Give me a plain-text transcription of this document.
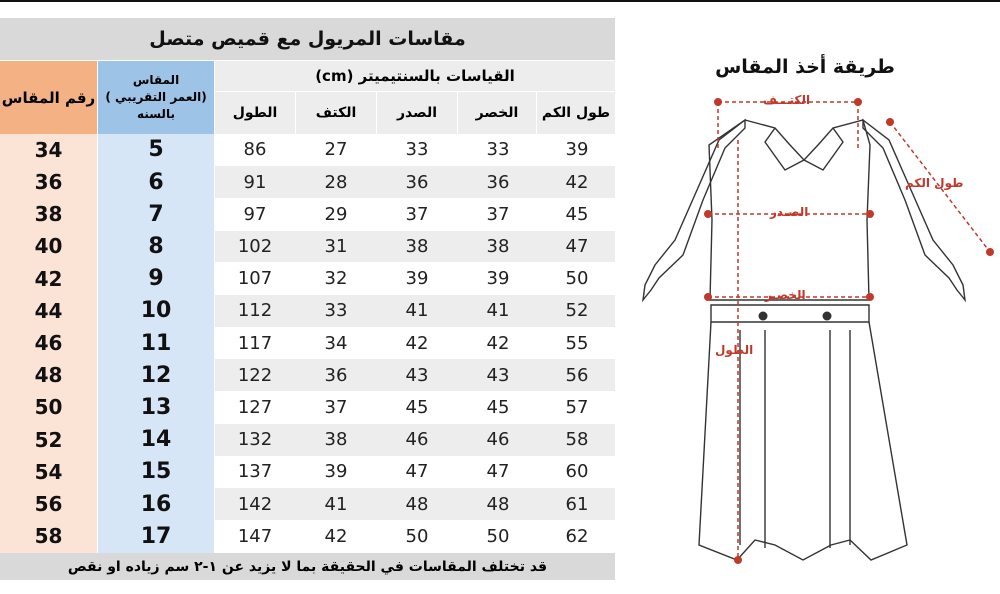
مقاسات المريول مع قميص متصل
رقم المقاس
المقاس
(العمر التقريبي )
بالسنه
القياسات بالسنتيميتر (cm)
الطول	الكتف	الصدر	الخصر	طول الكم
34	5	86	27	33	33	39
36	6	91	28	36	36	42
38	7	97	29	37	37	45
40	8	102	31	38	38	47
42	9	107	32	39	39	50
44	10	112	33	41	41	52
46	11	117	34	42	42	55
48	12	122	36	43	43	56
50	13	127	37	45	45	57
52	14	132	38	46	46	58
54	15	137	39	47	47	60
56	16	142	41	48	48	61
58	17	147	42	50	50	62
قد تختلف المقاسات في الحقيقة بما لا يزيد عن ١-٢ سم زياده او نقص
طريقة أخذ المقاس
الكتـــف
طول الكم
الصـدر
الخصـر
الطول
